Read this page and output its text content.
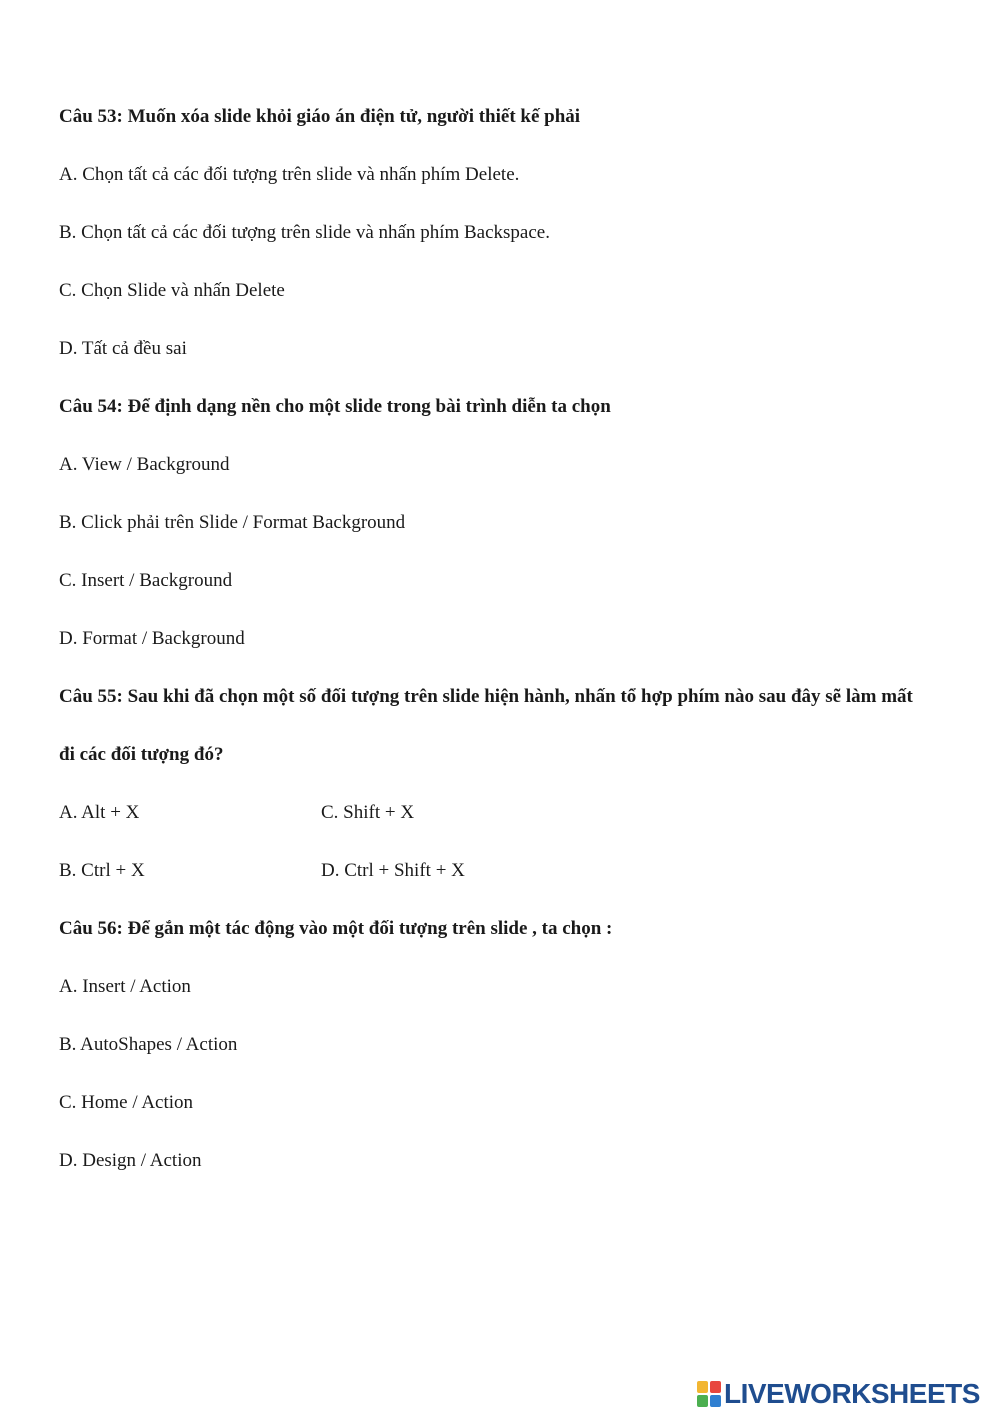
Câu 53: Muốn xóa slide khỏi giáo án điện tử, người thiết kế phải
A. Chọn tất cả các đối tượng trên slide và nhấn phím Delete.
B. Chọn tất cả các đối tượng trên slide và nhấn phím Backspace.
C. Chọn Slide và nhấn Delete
D. Tất cả đều sai
Câu 54: Để định dạng nền cho một slide trong bài trình diễn ta chọn
A. View / Background
B. Click phải trên Slide / Format Background
C. Insert / Background
D. Format / Background
Câu 55: Sau khi đã chọn một số đối tượng trên slide hiện hành, nhấn tổ hợp phím nào sau đây sẽ làm mất
đi các đối tượng đó?
A. Alt + X	C. Shift + X
B. Ctrl + X	D. Ctrl + Shift + X
Câu 56: Để gắn một tác động vào một đối tượng trên slide , ta chọn :
A. Insert / Action
B. AutoShapes / Action
C. Home / Action
D. Design / Action
LIVEWORKSHEETS
